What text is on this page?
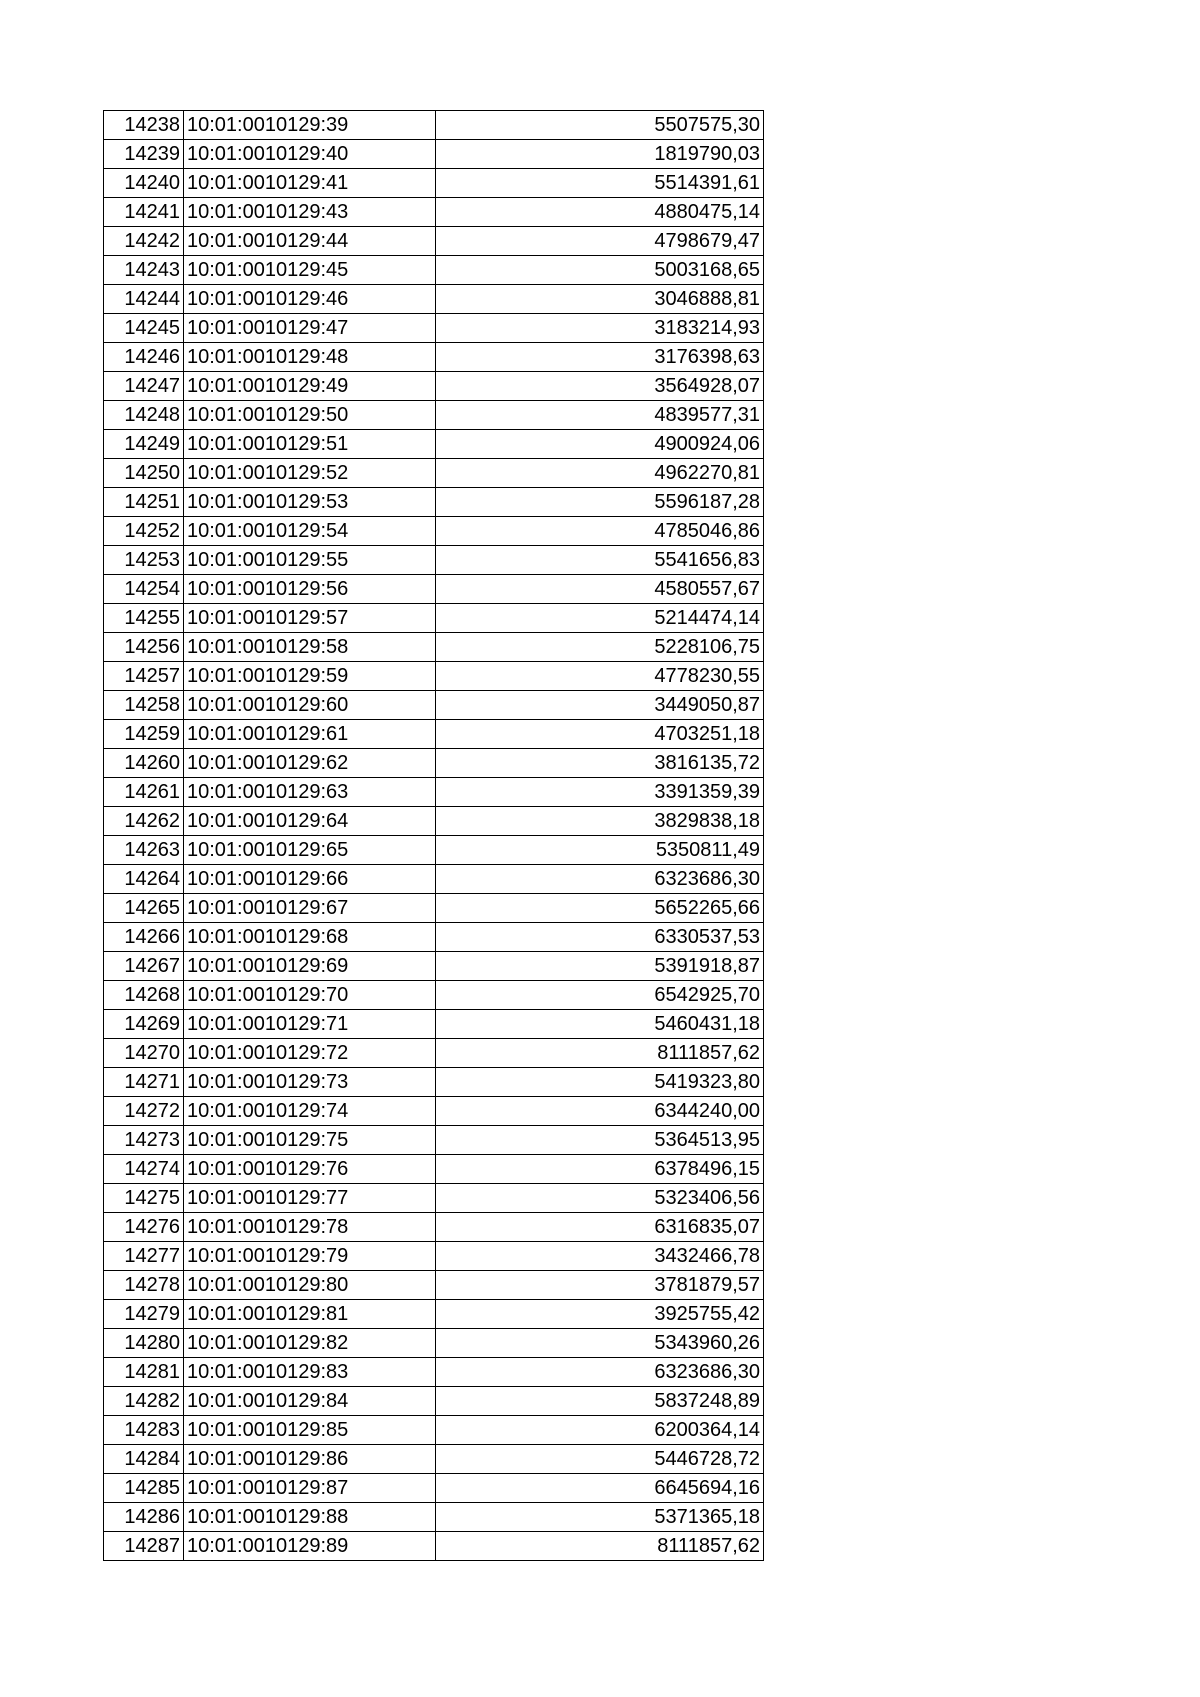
14238	10:01:0010129:39	5507575,30
14239	10:01:0010129:40	1819790,03
14240	10:01:0010129:41	5514391,61
14241	10:01:0010129:43	4880475,14
14242	10:01:0010129:44	4798679,47
14243	10:01:0010129:45	5003168,65
14244	10:01:0010129:46	3046888,81
14245	10:01:0010129:47	3183214,93
14246	10:01:0010129:48	3176398,63
14247	10:01:0010129:49	3564928,07
14248	10:01:0010129:50	4839577,31
14249	10:01:0010129:51	4900924,06
14250	10:01:0010129:52	4962270,81
14251	10:01:0010129:53	5596187,28
14252	10:01:0010129:54	4785046,86
14253	10:01:0010129:55	5541656,83
14254	10:01:0010129:56	4580557,67
14255	10:01:0010129:57	5214474,14
14256	10:01:0010129:58	5228106,75
14257	10:01:0010129:59	4778230,55
14258	10:01:0010129:60	3449050,87
14259	10:01:0010129:61	4703251,18
14260	10:01:0010129:62	3816135,72
14261	10:01:0010129:63	3391359,39
14262	10:01:0010129:64	3829838,18
14263	10:01:0010129:65	5350811,49
14264	10:01:0010129:66	6323686,30
14265	10:01:0010129:67	5652265,66
14266	10:01:0010129:68	6330537,53
14267	10:01:0010129:69	5391918,87
14268	10:01:0010129:70	6542925,70
14269	10:01:0010129:71	5460431,18
14270	10:01:0010129:72	8111857,62
14271	10:01:0010129:73	5419323,80
14272	10:01:0010129:74	6344240,00
14273	10:01:0010129:75	5364513,95
14274	10:01:0010129:76	6378496,15
14275	10:01:0010129:77	5323406,56
14276	10:01:0010129:78	6316835,07
14277	10:01:0010129:79	3432466,78
14278	10:01:0010129:80	3781879,57
14279	10:01:0010129:81	3925755,42
14280	10:01:0010129:82	5343960,26
14281	10:01:0010129:83	6323686,30
14282	10:01:0010129:84	5837248,89
14283	10:01:0010129:85	6200364,14
14284	10:01:0010129:86	5446728,72
14285	10:01:0010129:87	6645694,16
14286	10:01:0010129:88	5371365,18
14287	10:01:0010129:89	8111857,62
